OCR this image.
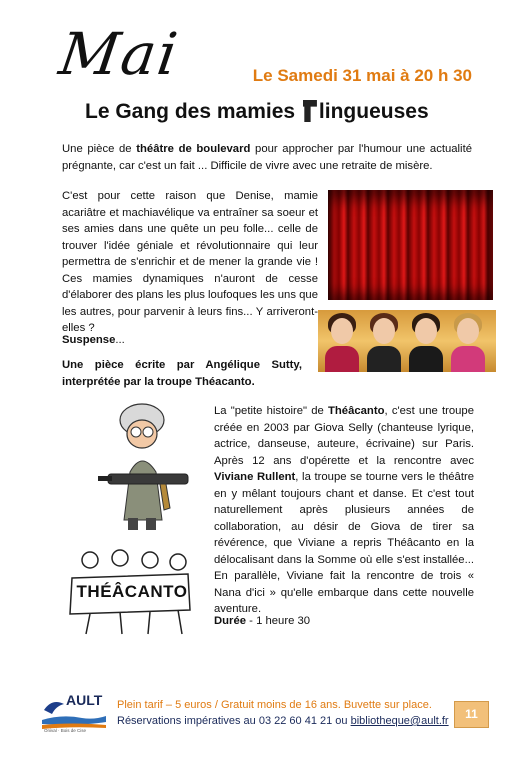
Mai	Le Samedi 31 mai à 20 h 30
Le Gang des mamies lingueuses
Une pièce de théâtre de boulevard pour approcher par l'humour une actualité prégnante, car c'est un fait ... Difficile de vivre avec une retraite de misère.
C'est pour cette raison que Denise, mamie acariâtre et machiavélique va entraîner sa soeur et ses amies dans une quête un peu folle... celle de trouver l'idée géniale et révolutionnaire qui leur permettra de s'enrichir et de mener la grande vie ! Ces mamies dynamiques n'auront de cesse d'élaborer des plans les plus loufoques les uns que les autres, pour parvenir à leurs fins... Y arriveront-elles ?
Suspense...
Une pièce écrite par Angélique Sutty, interprétée par la troupe Théacanto.
THÉÂCANTO
La "petite histoire" de Théâcanto, c'est une troupe créée en 2003 par Giova Selly (chanteuse lyrique, actrice, danseuse, auteure, écrivaine) sur Paris. Après 12 ans d'opérette et la rencontre avec Viviane Rullent, la troupe se tourne vers le théâtre en y mêlant toujours chant et danse. Et c'est tout naturellement après plusieurs années de collaboration, au désir de Giova de tirer sa révérence, que Viviane a repris Théâcanto en la délocalisant dans la Somme où elle s'est installée... En parallèle, Viviane fait la rencontre de trois « Nana d'ici » qu'elle embarque dans cette nouvelle aventure.
Durée - 1 heure 30
AULT
Onival · Bois de Cise
Plein tarif – 5 euros / Gratuit moins de 16 ans. Buvette sur place.
Réservations impératives au 03 22 60 41 21 ou bibliotheque@ault.fr	11
